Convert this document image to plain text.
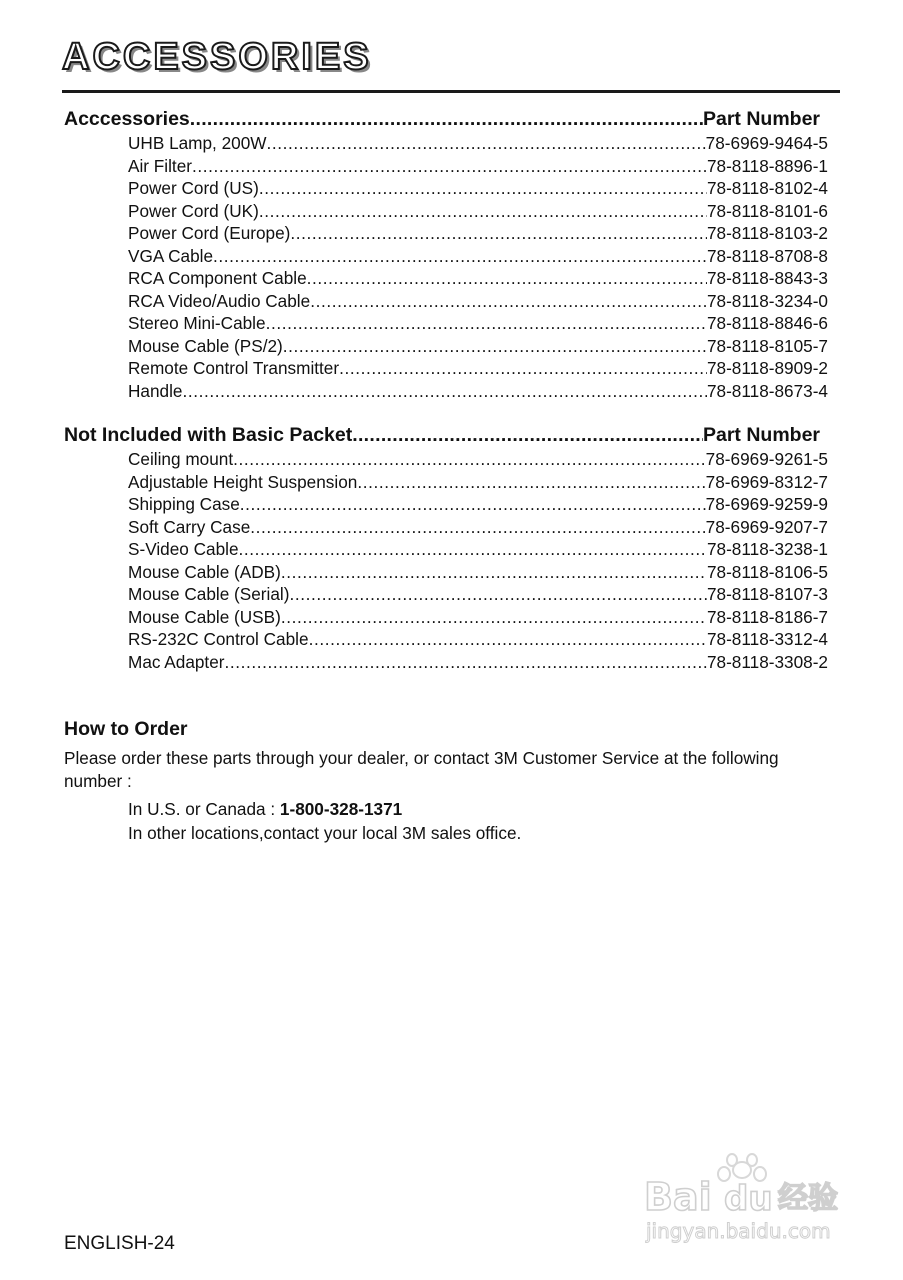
ACCESSORIES
Acccessories .....	Part Number
UHB Lamp, 200W .....	78-6969-9464-5
Air Filter .....	78-8118-8896-1
Power Cord (US) .....	78-8118-8102-4
Power Cord (UK) .....	78-8118-8101-6
Power Cord (Europe) .....	78-8118-8103-2
VGA Cable .....	78-8118-8708-8
RCA Component Cable .....	78-8118-8843-3
RCA Video/Audio Cable .....	78-8118-3234-0
Stereo Mini-Cable .....	78-8118-8846-6
Mouse Cable (PS/2) .....	78-8118-8105-7
Remote Control Transmitter .....	78-8118-8909-2
Handle .....	78-8118-8673-4
Not Included with Basic Packet .....	Part Number
Ceiling mount .....	78-6969-9261-5
Adjustable Height Suspension .....	78-6969-8312-7
Shipping Case .....	78-6969-9259-9
Soft Carry Case .....	78-6969-9207-7
S-Video Cable .....	78-8118-3238-1
Mouse Cable (ADB) .....	78-8118-8106-5
Mouse Cable (Serial) .....	78-8118-8107-3
Mouse Cable (USB) .....	78-8118-8186-7
RS-232C Control Cable .....	78-8118-3312-4
Mac Adapter .....	78-8118-3308-2
How to Order
Please order these parts through your dealer, or contact 3M Customer Service at the following number :
In U.S. or Canada : 1-800-328-1371
In other locations,contact your local 3M sales office.
Bai du 经验
jingyan.baidu.com
ENGLISH-24
